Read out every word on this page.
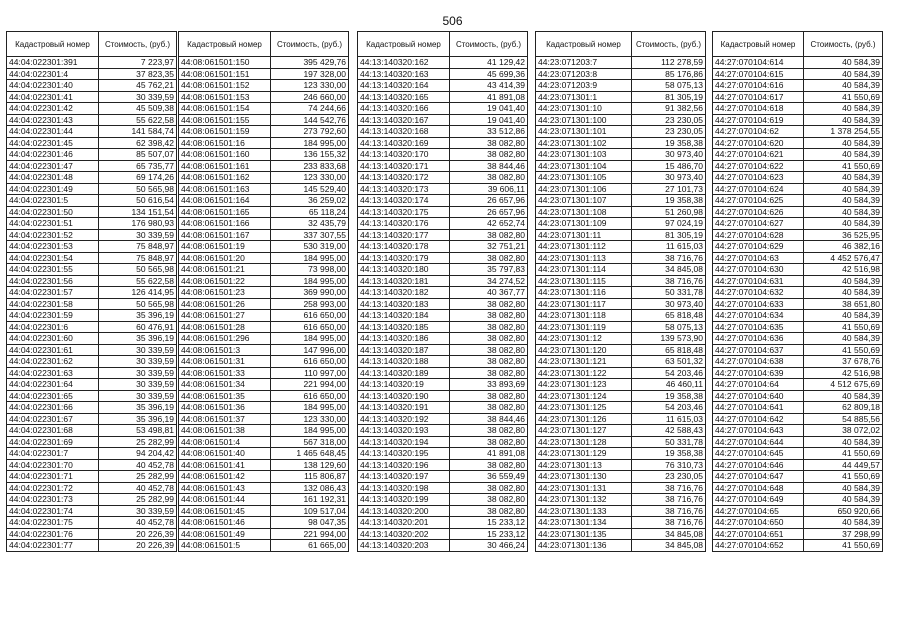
506
Кадастровый номер	Стоимость, (руб.)
44:04:022301:391	7 223,97
44:04:022301:4	37 823,35
44:04:022301:40	45 762,21
44:04:022301:41	30 339,59
44:04:022301:42	45 509,38
44:04:022301:43	55 622,58
44:04:022301:44	141 584,74
44:04:022301:45	62 398,42
44:04:022301:46	85 507,07
44:04:022301:47	65 735,77
44:04:022301:48	69 174,26
44:04:022301:49	50 565,98
44:04:022301:5	50 616,54
44:04:022301:50	134 151,54
44:04:022301:51	176 980,93
44:04:022301:52	30 339,59
44:04:022301:53	75 848,97
44:04:022301:54	75 848,97
44:04:022301:55	50 565,98
44:04:022301:56	55 622,58
44:04:022301:57	126 414,95
44:04:022301:58	50 565,98
44:04:022301:59	35 396,19
44:04:022301:6	60 476,91
44:04:022301:60	35 396,19
44:04:022301:61	30 339,59
44:04:022301:62	30 339,59
44:04:022301:63	30 339,59
44:04:022301:64	30 339,59
44:04:022301:65	30 339,59
44:04:022301:66	35 396,19
44:04:022301:67	35 396,19
44:04:022301:68	53 498,81
44:04:022301:69	25 282,99
44:04:022301:7	94 204,42
44:04:022301:70	40 452,78
44:04:022301:71	25 282,99
44:04:022301:72	40 452,78
44:04:022301:73	25 282,99
44:04:022301:74	30 339,59
44:04:022301:75	40 452,78
44:04:022301:76	20 226,39
44:04:022301:77	20 226,39
Кадастровый номер	Стоимость, (руб.)
44:08:061501:150	395 429,76
44:08:061501:151	197 328,00
44:08:061501:152	123 330,00
44:08:061501:153	246 660,00
44:08:061501:154	74 244,66
44:08:061501:155	144 542,76
44:08:061501:159	273 792,60
44:08:061501:16	184 995,00
44:08:061501:160	136 155,32
44:08:061501:161	233 833,68
44:08:061501:162	123 330,00
44:08:061501:163	145 529,40
44:08:061501:164	36 259,02
44:08:061501:165	65 118,24
44:08:061501:166	32 435,79
44:08:061501:167	337 307,55
44:08:061501:19	530 319,00
44:08:061501:20	184 995,00
44:08:061501:21	73 998,00
44:08:061501:22	184 995,00
44:08:061501:23	369 990,00
44:08:061501:26	258 993,00
44:08:061501:27	616 650,00
44:08:061501:28	616 650,00
44:08:061501:296	184 995,00
44:08:061501:3	147 996,00
44:08:061501:31	616 650,00
44:08:061501:33	110 997,00
44:08:061501:34	221 994,00
44:08:061501:35	616 650,00
44:08:061501:36	184 995,00
44:08:061501:37	123 330,00
44:08:061501:38	184 995,00
44:08:061501:4	567 318,00
44:08:061501:40	1 465 648,45
44:08:061501:41	138 129,60
44:08:061501:42	115 806,87
44:08:061501:43	132 086,43
44:08:061501:44	161 192,31
44:08:061501:45	109 517,04
44:08:061501:46	98 047,35
44:08:061501:49	221 994,00
44:08:061501:5	61 665,00
Кадастровый номер	Стоимость, (руб.)
44:13:140320:162	41 129,42
44:13:140320:163	45 699,36
44:13:140320:164	43 414,39
44:13:140320:165	41 891,08
44:13:140320:166	19 041,40
44:13:140320:167	19 041,40
44:13:140320:168	33 512,86
44:13:140320:169	38 082,80
44:13:140320:170	38 082,80
44:13:140320:171	38 844,46
44:13:140320:172	38 082,80
44:13:140320:173	39 606,11
44:13:140320:174	26 657,96
44:13:140320:175	26 657,96
44:13:140320:176	42 652,74
44:13:140320:177	38 082,80
44:13:140320:178	32 751,21
44:13:140320:179	38 082,80
44:13:140320:180	35 797,83
44:13:140320:181	34 274,52
44:13:140320:182	40 367,77
44:13:140320:183	38 082,80
44:13:140320:184	38 082,80
44:13:140320:185	38 082,80
44:13:140320:186	38 082,80
44:13:140320:187	38 082,80
44:13:140320:188	38 082,80
44:13:140320:189	38 082,80
44:13:140320:19	33 893,69
44:13:140320:190	38 082,80
44:13:140320:191	38 082,80
44:13:140320:192	38 844,46
44:13:140320:193	38 082,80
44:13:140320:194	38 082,80
44:13:140320:195	41 891,08
44:13:140320:196	38 082,80
44:13:140320:197	36 559,49
44:13:140320:198	38 082,80
44:13:140320:199	38 082,80
44:13:140320:200	38 082,80
44:13:140320:201	15 233,12
44:13:140320:202	15 233,12
44:13:140320:203	30 466,24
Кадастровый номер	Стоимость, (руб.)
44:23:071203:7	112 278,59
44:23:071203:8	85 176,86
44:23:071203:9	58 075,13
44:23:071301:1	81 305,19
44:23:071301:10	91 382,56
44:23:071301:100	23 230,05
44:23:071301:101	23 230,05
44:23:071301:102	19 358,38
44:23:071301:103	30 973,40
44:23:071301:104	15 486,70
44:23:071301:105	30 973,40
44:23:071301:106	27 101,73
44:23:071301:107	19 358,38
44:23:071301:108	51 260,98
44:23:071301:109	97 024,19
44:23:071301:11	81 305,19
44:23:071301:112	11 615,03
44:23:071301:113	38 716,76
44:23:071301:114	34 845,08
44:23:071301:115	38 716,76
44:23:071301:116	50 331,78
44:23:071301:117	30 973,40
44:23:071301:118	65 818,48
44:23:071301:119	58 075,13
44:23:071301:12	139 573,90
44:23:071301:120	65 818,48
44:23:071301:121	63 501,32
44:23:071301:122	54 203,46
44:23:071301:123	46 460,11
44:23:071301:124	19 358,38
44:23:071301:125	54 203,46
44:23:071301:126	11 615,03
44:23:071301:127	42 588,43
44:23:071301:128	50 331,78
44:23:071301:129	19 358,38
44:23:071301:13	76 310,73
44:23:071301:130	23 230,05
44:23:071301:131	38 716,76
44:23:071301:132	38 716,76
44:23:071301:133	38 716,76
44:23:071301:134	38 716,76
44:23:071301:135	34 845,08
44:23:071301:136	34 845,08
Кадастровый номер	Стоимость, (руб.)
44:27:070104:614	40 584,39
44:27:070104:615	40 584,39
44:27:070104:616	40 584,39
44:27:070104:617	41 550,69
44:27:070104:618	40 584,39
44:27:070104:619	40 584,39
44:27:070104:62	1 378 254,55
44:27:070104:620	40 584,39
44:27:070104:621	40 584,39
44:27:070104:622	41 550,69
44:27:070104:623	40 584,39
44:27:070104:624	40 584,39
44:27:070104:625	40 584,39
44:27:070104:626	40 584,39
44:27:070104:627	40 584,39
44:27:070104:628	36 525,95
44:27:070104:629	46 382,16
44:27:070104:63	4 452 576,47
44:27:070104:630	42 516,98
44:27:070104:631	40 584,39
44:27:070104:632	40 584,39
44:27:070104:633	38 651,80
44:27:070104:634	40 584,39
44:27:070104:635	41 550,69
44:27:070104:636	40 584,39
44:27:070104:637	41 550,69
44:27:070104:638	37 678,76
44:27:070104:639	42 516,98
44:27:070104:64	4 512 675,69
44:27:070104:640	40 584,39
44:27:070104:641	62 809,18
44:27:070104:642	54 885,56
44:27:070104:643	38 072,02
44:27:070104:644	40 584,39
44:27:070104:645	41 550,69
44:27:070104:646	44 449,57
44:27:070104:647	41 550,69
44:27:070104:648	40 584,39
44:27:070104:649	40 584,39
44:27:070104:65	650 920,66
44:27:070104:650	40 584,39
44:27:070104:651	37 298,99
44:27:070104:652	41 550,69
